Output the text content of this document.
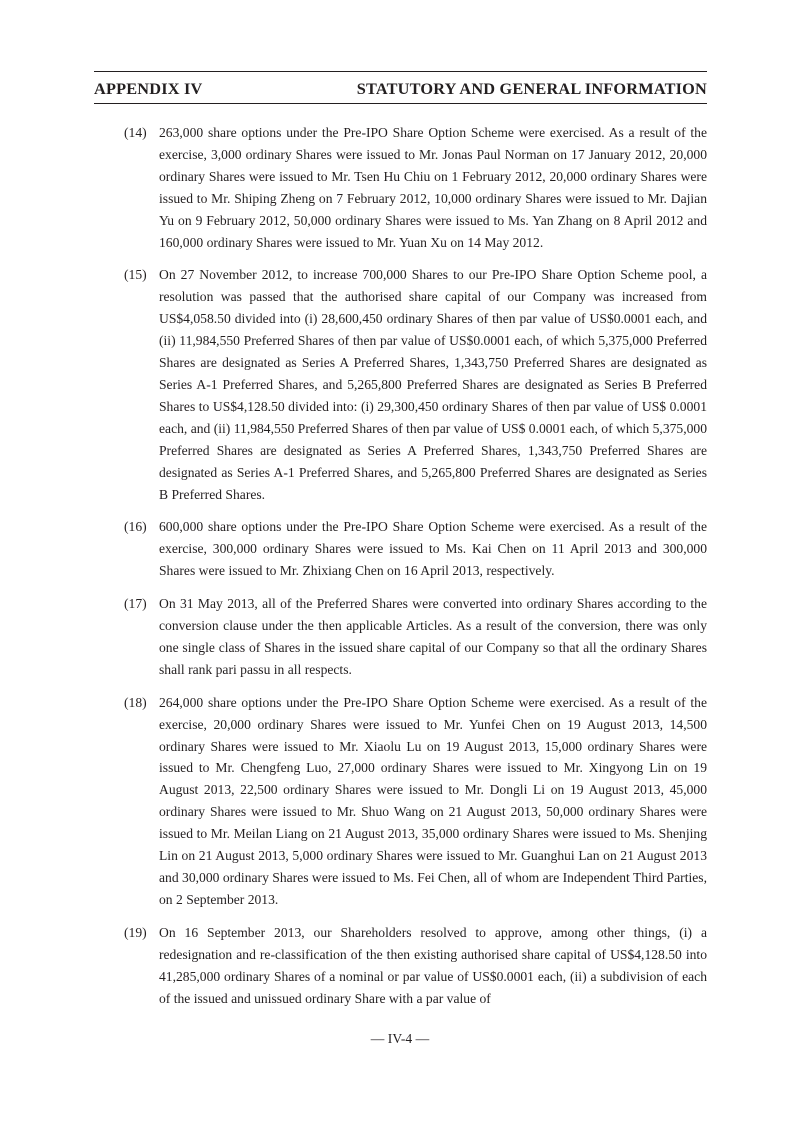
APPENDIX IV	STATUTORY AND GENERAL INFORMATION
(14) 263,000 share options under the Pre-IPO Share Option Scheme were exercised. As a result of the exercise, 3,000 ordinary Shares were issued to Mr. Jonas Paul Norman on 17 January 2012, 20,000 ordinary Shares were issued to Mr. Tsen Hu Chiu on 1 February 2012, 20,000 ordinary Shares were issued to Mr. Shiping Zheng on 7 February 2012, 10,000 ordinary Shares were issued to Mr. Dajian Yu on 9 February 2012, 50,000 ordinary Shares were issued to Ms. Yan Zhang on 8 April 2012 and 160,000 ordinary Shares were issued to Mr. Yuan Xu on 14 May 2012.
(15) On 27 November 2012, to increase 700,000 Shares to our Pre-IPO Share Option Scheme pool, a resolution was passed that the authorised share capital of our Company was increased from US$4,058.50 divided into (i) 28,600,450 ordinary Shares of then par value of US$0.0001 each, and (ii) 11,984,550 Preferred Shares of then par value of US$0.0001 each, of which 5,375,000 Preferred Shares are designated as Series A Preferred Shares, 1,343,750 Preferred Shares are designated as Series A-1 Preferred Shares, and 5,265,800 Preferred Shares are designated as Series B Preferred Shares to US$4,128.50 divided into: (i) 29,300,450 ordinary Shares of then par value of US$ 0.0001 each, and (ii) 11,984,550 Preferred Shares of then par value of US$ 0.0001 each, of which 5,375,000 Preferred Shares are designated as Series A Preferred Shares, 1,343,750 Preferred Shares are designated as Series A-1 Preferred Shares, and 5,265,800 Preferred Shares are designated as Series B Preferred Shares.
(16) 600,000 share options under the Pre-IPO Share Option Scheme were exercised. As a result of the exercise, 300,000 ordinary Shares were issued to Ms. Kai Chen on 11 April 2013 and 300,000 Shares were issued to Mr. Zhixiang Chen on 16 April 2013, respectively.
(17) On 31 May 2013, all of the Preferred Shares were converted into ordinary Shares according to the conversion clause under the then applicable Articles. As a result of the conversion, there was only one single class of Shares in the issued share capital of our Company so that all the ordinary Shares shall rank pari passu in all respects.
(18) 264,000 share options under the Pre-IPO Share Option Scheme were exercised. As a result of the exercise, 20,000 ordinary Shares were issued to Mr. Yunfei Chen on 19 August 2013, 14,500 ordinary Shares were issued to Mr. Xiaolu Lu on 19 August 2013, 15,000 ordinary Shares were issued to Mr. Chengfeng Luo, 27,000 ordinary Shares were issued to Mr. Xingyong Lin on 19 August 2013, 22,500 ordinary Shares were issued to Mr. Dongli Li on 19 August 2013, 45,000 ordinary Shares were issued to Mr. Shuo Wang on 21 August 2013, 50,000 ordinary Shares were issued to Mr. Meilan Liang on 21 August 2013, 35,000 ordinary Shares were issued to Ms. Shenjing Lin on 21 August 2013, 5,000 ordinary Shares were issued to Mr. Guanghui Lan on 21 August 2013 and 30,000 ordinary Shares were issued to Ms. Fei Chen, all of whom are Independent Third Parties, on 2 September 2013.
(19) On 16 September 2013, our Shareholders resolved to approve, among other things, (i) a redesignation and re-classification of the then existing authorised share capital of US$4,128.50 into 41,285,000 ordinary Shares of a nominal or par value of US$0.0001 each, (ii) a subdivision of each of the issued and unissued ordinary Share with a par value of
— IV-4 —
